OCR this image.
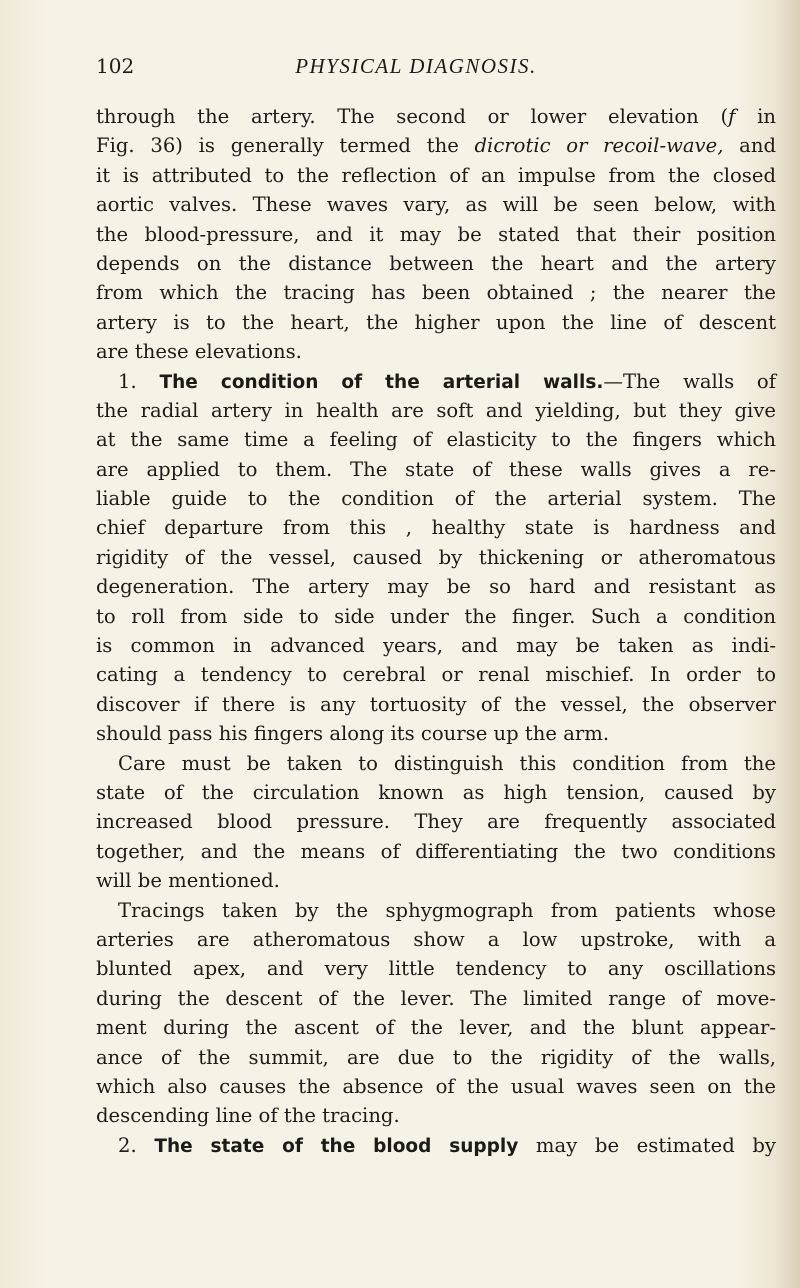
102	PHYSICAL DIAGNOSIS.
through the artery. The second or lower elevation (f in
Fig. 36) is generally termed the dicrotic or recoil-wave, and
it is attributed to the reflection of an impulse from the closed
aortic valves. These waves vary, as will be seen below, with
the blood-pressure, and it may be stated that their position
depends on the distance between the heart and the artery
from which the tracing has been obtained ; the nearer the
artery is to the heart, the higher upon the line of descent
are these elevations.
1. The condition of the arterial walls.—The walls of
the radial artery in health are soft and yielding, but they give
at the same time a feeling of elasticity to the fingers which
are applied to them. The state of these walls gives a re-
liable guide to the condition of the arterial system. The
chief departure from this , healthy state is hardness and
rigidity of the vessel, caused by thickening or atheromatous
degeneration. The artery may be so hard and resistant as
to roll from side to side under the finger. Such a condition
is common in advanced years, and may be taken as indi-
cating a tendency to cerebral or renal mischief. In order to
discover if there is any tortuosity of the vessel, the observer
should pass his fingers along its course up the arm.
Care must be taken to distinguish this condition from the
state of the circulation known as high tension, caused by
increased blood pressure. They are frequently associated
together, and the means of differentiating the two conditions
will be mentioned.
Tracings taken by the sphygmograph from patients whose
arteries are atheromatous show a low upstroke, with a
blunted apex, and very little tendency to any oscillations
during the descent of the lever. The limited range of move-
ment during the ascent of the lever, and the blunt appear-
ance of the summit, are due to the rigidity of the walls,
which also causes the absence of the usual waves seen on the
descending line of the tracing.
2. The state of the blood supply may be estimated by
